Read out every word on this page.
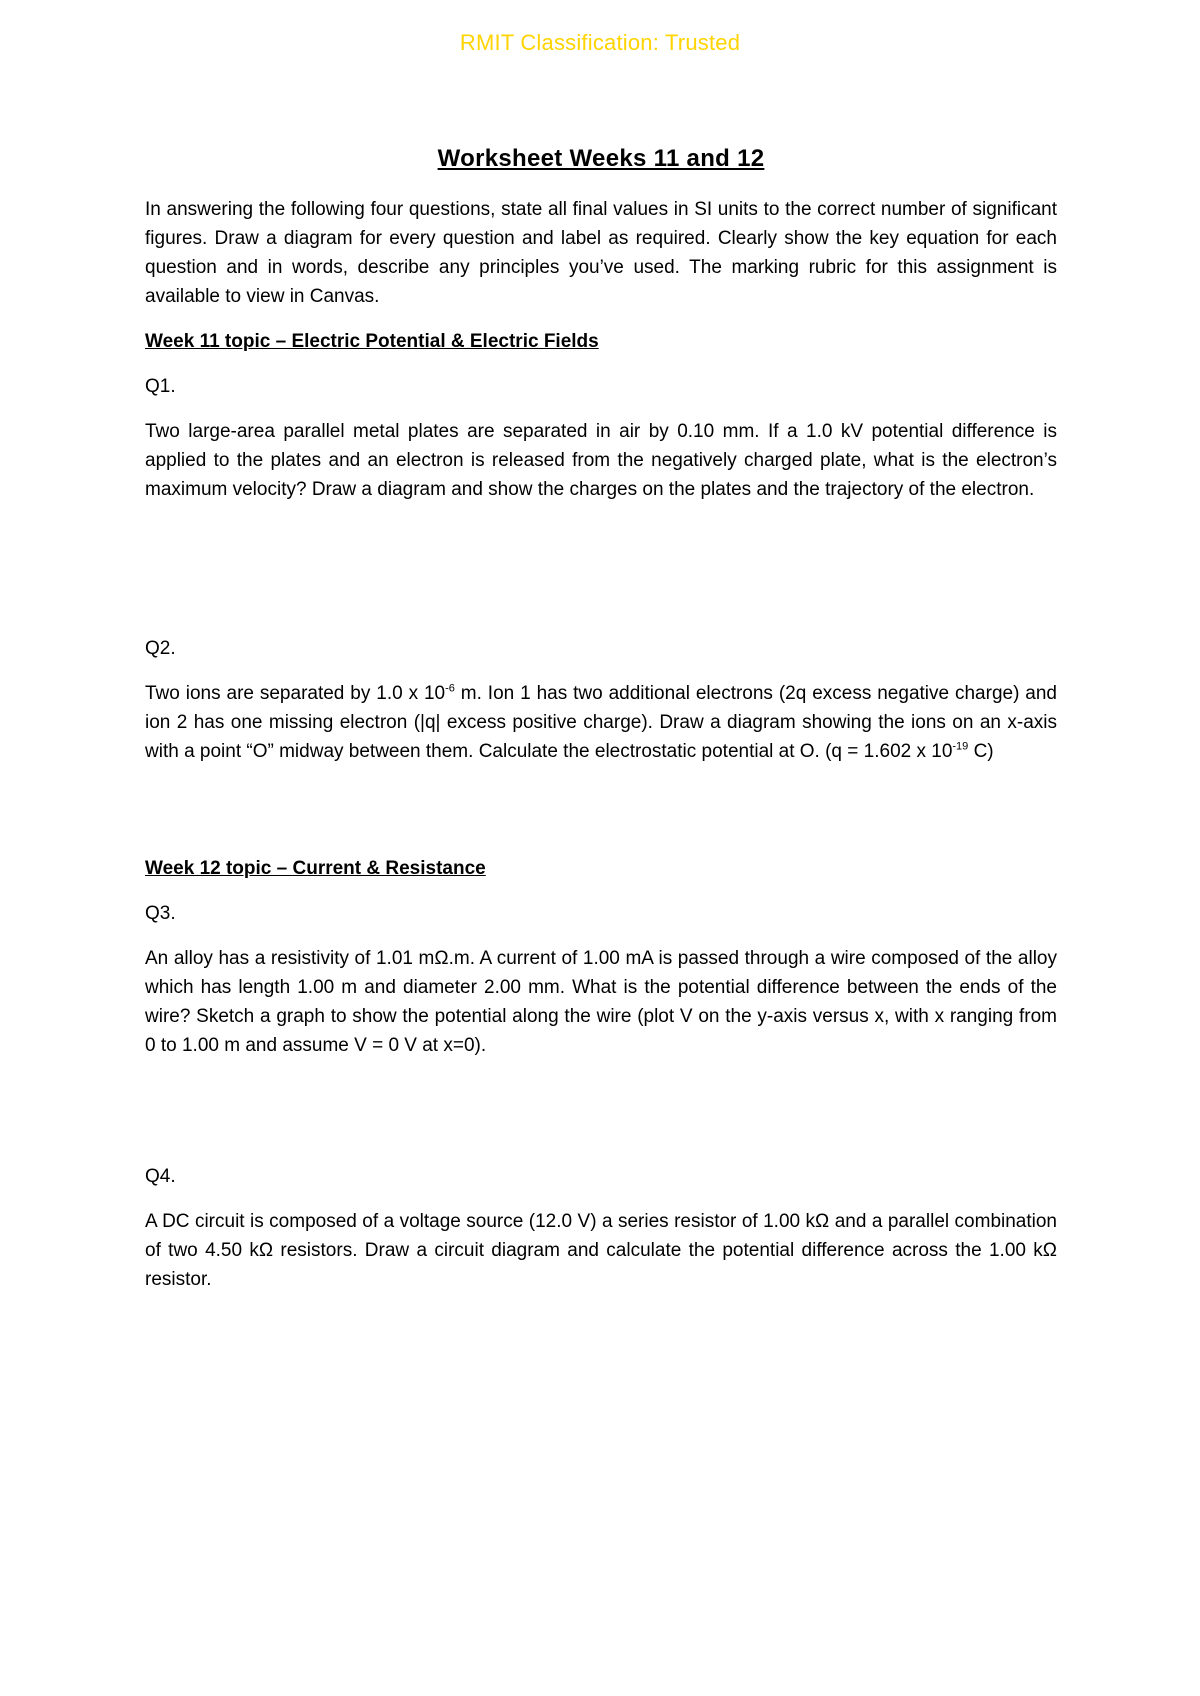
RMIT Classification: Trusted
Worksheet Weeks 11 and 12

In answering the following four questions, state all final values in SI units to the correct number of significant figures. Draw a diagram for every question and label as required. Clearly show the key equation for each question and in words, describe any principles you’ve used. The marking rubric for this assignment is available to view in Canvas.

Week 11 topic – Electric Potential & Electric Fields
Q1.

Two large-area parallel metal plates are separated in air by 0.10 mm. If a 1.0 kV potential difference is applied to the plates and an electron is released from the negatively charged plate, what is the electron’s maximum velocity? Draw a diagram and show the charges on the plates and the trajectory of the electron.

Q2.

Two ions are separated by 1.0 x $10^{-6}$ m. Ion 1 has two additional electrons (2q excess negative charge) and ion 2 has one missing electron (|q| excess positive charge). Draw a diagram showing the ions on an x-axis with a point “O” midway between them. Calculate the electrostatic potential at O. (q = 1.602 x $10^{-19}$ C)

Week 12 topic – Current & Resistance
Q3.

An alloy has a resistivity of 1.01 mΩ.m. A current of 1.00 mA is passed through a wire composed of the alloy which has length 1.00 m and diameter 2.00 mm. What is the potential difference between the ends of the wire? Sketch a graph to show the potential along the wire (plot V on the y-axis versus x, with x ranging from 0 to 1.00 m and assume V = 0 V at x=0).

Q4.

A DC circuit is composed of a voltage source (12.0 V) a series resistor of 1.00 kΩ and a parallel combination of two 4.50 kΩ resistors. Draw a circuit diagram and calculate the potential difference across the 1.00 kΩ resistor.
